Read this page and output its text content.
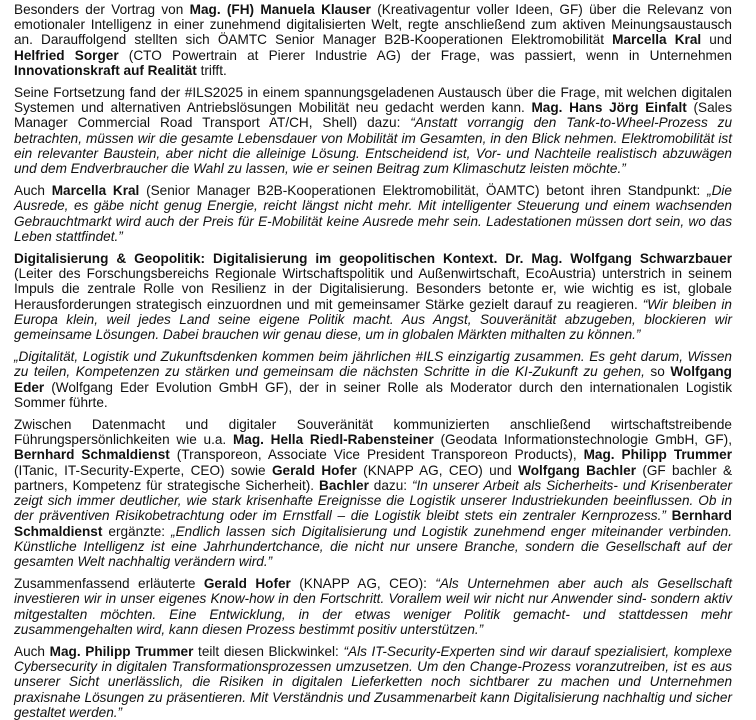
Besonders der Vortrag von Mag. (FH) Manuela Klauser (Kreativagentur voller Ideen, GF) über die Relevanz von emotionaler Intelligenz in einer zunehmend digitalisierten Welt, regte anschließend zum aktiven Meinungsaustausch an. Darauffolgend stellten sich ÖAMTC Senior Manager B2B-Kooperationen Elektromobilität Marcella Kral und Helfried Sorger (CTO Powertrain at Pierer Industrie AG) der Frage, was passiert, wenn in Unternehmen Innovationskraft auf Realität trifft.

Seine Fortsetzung fand der #ILS2025 in einem spannungsgeladenen Austausch über die Frage, mit welchen digitalen Systemen und alternativen Antriebslösungen Mobilität neu gedacht werden kann. Mag. Hans Jörg Einfalt (Sales Manager Commercial Road Transport AT/CH, Shell) dazu: “Anstatt vorrangig den Tank-to-Wheel-Prozess zu betrachten, müssen wir die gesamte Lebensdauer von Mobilität im Gesamten, in den Blick nehmen. Elektromobilität ist ein relevanter Baustein, aber nicht die alleinige Lösung. Entscheidend ist, Vor- und Nachteile realistisch abzuwägen und dem Endverbraucher die Wahl zu lassen, wie er seinen Beitrag zum Klimaschutz leisten möchte.”

Auch Marcella Kral (Senior Manager B2B-Kooperationen Elektromobilität, ÖAMTC) betont ihren Standpunkt: „Die Ausrede, es gäbe nicht genug Energie, reicht längst nicht mehr. Mit intelligenter Steuerung und einem wachsenden Gebrauchtmarkt wird auch der Preis für E-Mobilität keine Ausrede mehr sein. Ladestationen müssen dort sein, wo das Leben stattfindet.”

Digitalisierung & Geopolitik: Digitalisierung im geopolitischen Kontext. Dr. Mag. Wolfgang Schwarzbauer (Leiter des Forschungsbereichs Regionale Wirtschaftspolitik und Außenwirtschaft, EcoAustria) unterstrich in seinem Impuls die zentrale Rolle von Resilienz in der Digitalisierung. Besonders betonte er, wie wichtig es ist, globale Herausforderungen strategisch einzuordnen und mit gemeinsamer Stärke gezielt darauf zu reagieren. “Wir bleiben in Europa klein, weil jedes Land seine eigene Politik macht. Aus Angst, Souveränität abzugeben, blockieren wir gemeinsame Lösungen. Dabei brauchen wir genau diese, um in globalen Märkten mithalten zu können.”

„Digitalität, Logistik und Zukunftsdenken kommen beim jährlichen #ILS einzigartig zusammen. Es geht darum, Wissen zu teilen, Kompetenzen zu stärken und gemeinsam die nächsten Schritte in die KI-Zukunft zu gehen, so Wolfgang Eder (Wolfgang Eder Evolution GmbH GF), der in seiner Rolle als Moderator durch den internationalen Logistik Sommer führte.

Zwischen Datenmacht und digitaler Souveränität kommunizierten anschließend wirtschaftstreibende Führungspersönlichkeiten wie u.a. Mag. Hella Riedl-Rabensteiner (Geodata Informationstechnologie GmbH, GF), Bernhard Schmaldienst (Transporeon, Associate Vice President Transporeon Products), Mag. Philipp Trummer (ITanic, IT-Security-Experte, CEO) sowie Gerald Hofer (KNAPP AG, CEO) und Wolfgang Bachler (GF bachler & partners, Kompetenz für strategische Sicherheit). Bachler dazu: “In unserer Arbeit als Sicherheits- und Krisenberater zeigt sich immer deutlicher, wie stark krisenhafte Ereignisse die Logistik unserer Industriekunden beeinflussen. Ob in der präventiven Risikobetrachtung oder im Ernstfall – die Logistik bleibt stets ein zentraler Kernprozess.” Bernhard Schmaldienst ergänzte: „Endlich lassen sich Digitalisierung und Logistik zunehmend enger miteinander verbinden. Künstliche Intelligenz ist eine Jahrhundertchance, die nicht nur unsere Branche, sondern die Gesellschaft auf der gesamten Welt nachhaltig verändern wird.”

Zusammenfassend erläuterte Gerald Hofer (KNAPP AG, CEO): “Als Unternehmen aber auch als Gesellschaft investieren wir in unser eigenes Know-how in den Fortschritt. Vorallem weil wir nicht nur Anwender sind- sondern aktiv mitgestalten möchten. Eine Entwicklung, in der etwas weniger Politik gemacht- und stattdessen mehr zusammengehalten wird, kann diesen Prozess bestimmt positiv unterstützen.”

Auch Mag. Philipp Trummer teilt diesen Blickwinkel: “Als IT-Security-Experten sind wir darauf spezialisiert, komplexe Cybersecurity in digitalen Transformationsprozessen umzusetzen. Um den Change-Prozess voranzutreiben, ist es aus unserer Sicht unerlässlich, die Risiken in digitalen Lieferketten noch sichtbarer zu machen und Unternehmen praxisnahe Lösungen zu präsentieren. Mit Verständnis und Zusammenarbeit kann Digitalisierung nachhaltig und sicher gestaltet werden.”
